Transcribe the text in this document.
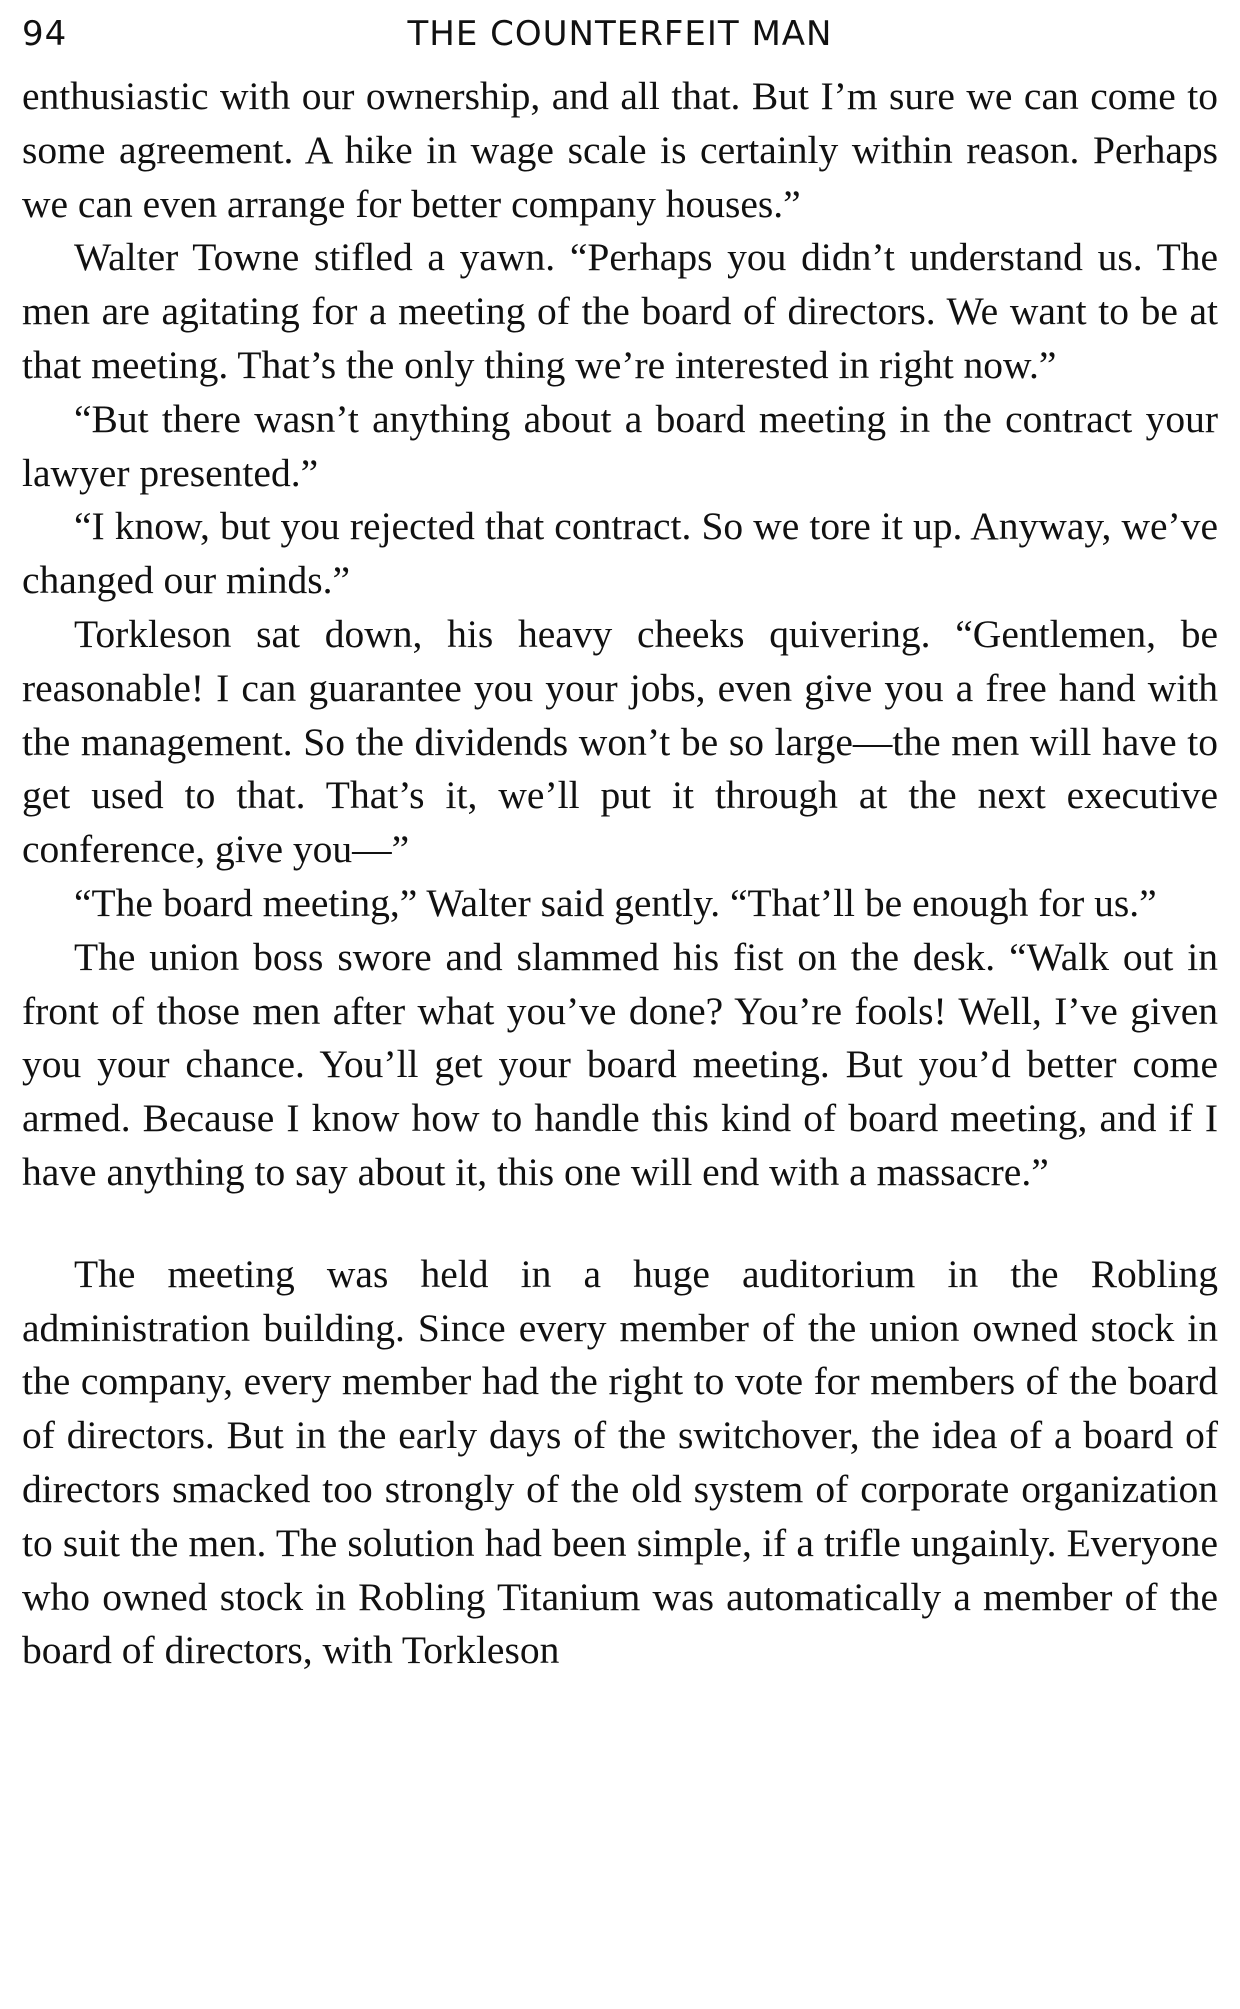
94	THE COUNTERFEIT MAN

enthusiastic with our ownership, and all that. But I’m sure we can come to some agreement. A hike in wage scale is certainly within reason. Perhaps we can even arrange for better company houses.”

Walter Towne stifled a yawn. “Perhaps you didn’t understand us. The men are agitating for a meeting of the board of directors. We want to be at that meeting. That’s the only thing we’re interested in right now.”

“But there wasn’t anything about a board meeting in the contract your lawyer presented.”

“I know, but you rejected that contract. So we tore it up. Anyway, we’ve changed our minds.”

Torkleson sat down, his heavy cheeks quivering. “Gentlemen, be reasonable! I can guarantee you your jobs, even give you a free hand with the management. So the dividends won’t be so large—the men will have to get used to that. That’s it, we’ll put it through at the next executive conference, give you—”

“The board meeting,” Walter said gently. “That’ll be enough for us.”

The union boss swore and slammed his fist on the desk. “Walk out in front of those men after what you’ve done? You’re fools! Well, I’ve given you your chance. You’ll get your board meeting. But you’d better come armed. Because I know how to handle this kind of board meeting, and if I have anything to say about it, this one will end with a massacre.”

The meeting was held in a huge auditorium in the Robling administration building. Since every member of the union owned stock in the company, every member had the right to vote for members of the board of directors. But in the early days of the switchover, the idea of a board of directors smacked too strongly of the old system of corporate organization to suit the men. The solution had been simple, if a trifle ungainly. Everyone who owned stock in Robling Titanium was automatically a member of the board of directors, with Torkleson
